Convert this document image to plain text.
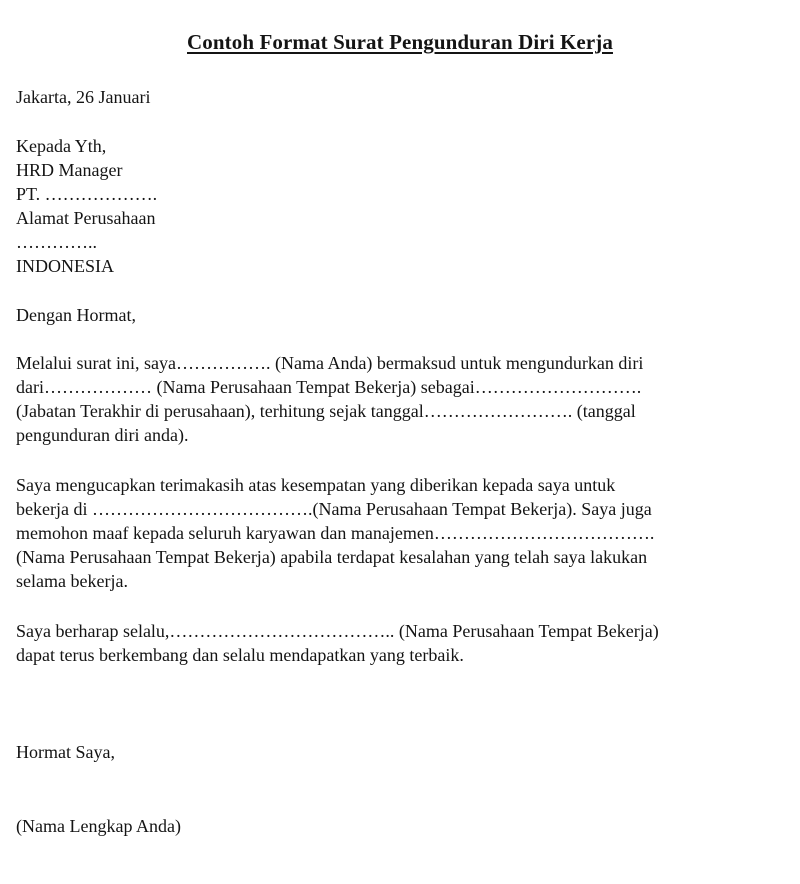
Contoh Format Surat Pengunduran Diri Kerja
Jakarta, 26 Januari
Kepada Yth,
HRD Manager
PT. ……………….
Alamat Perusahaan
…………..
INDONESIA
Dengan Hormat,
Melalui surat ini, saya……………. (Nama Anda) bermaksud untuk mengundurkan diri
dari……………… (Nama Perusahaan Tempat Bekerja) sebagai……………………….
(Jabatan Terakhir di perusahaan), terhitung sejak tanggal……………………. (tanggal
pengunduran diri anda).
Saya mengucapkan terimakasih atas kesempatan yang diberikan kepada saya untuk
bekerja di ……………………………….(Nama Perusahaan Tempat Bekerja). Saya juga
memohon maaf kepada seluruh karyawan dan manajemen……………………………….
(Nama Perusahaan Tempat Bekerja) apabila terdapat kesalahan yang telah saya lakukan
selama bekerja.
Saya berharap selalu,……………………………….. (Nama Perusahaan Tempat Bekerja)
dapat terus berkembang dan selalu mendapatkan yang terbaik.
Hormat Saya,
(Nama Lengkap Anda)
